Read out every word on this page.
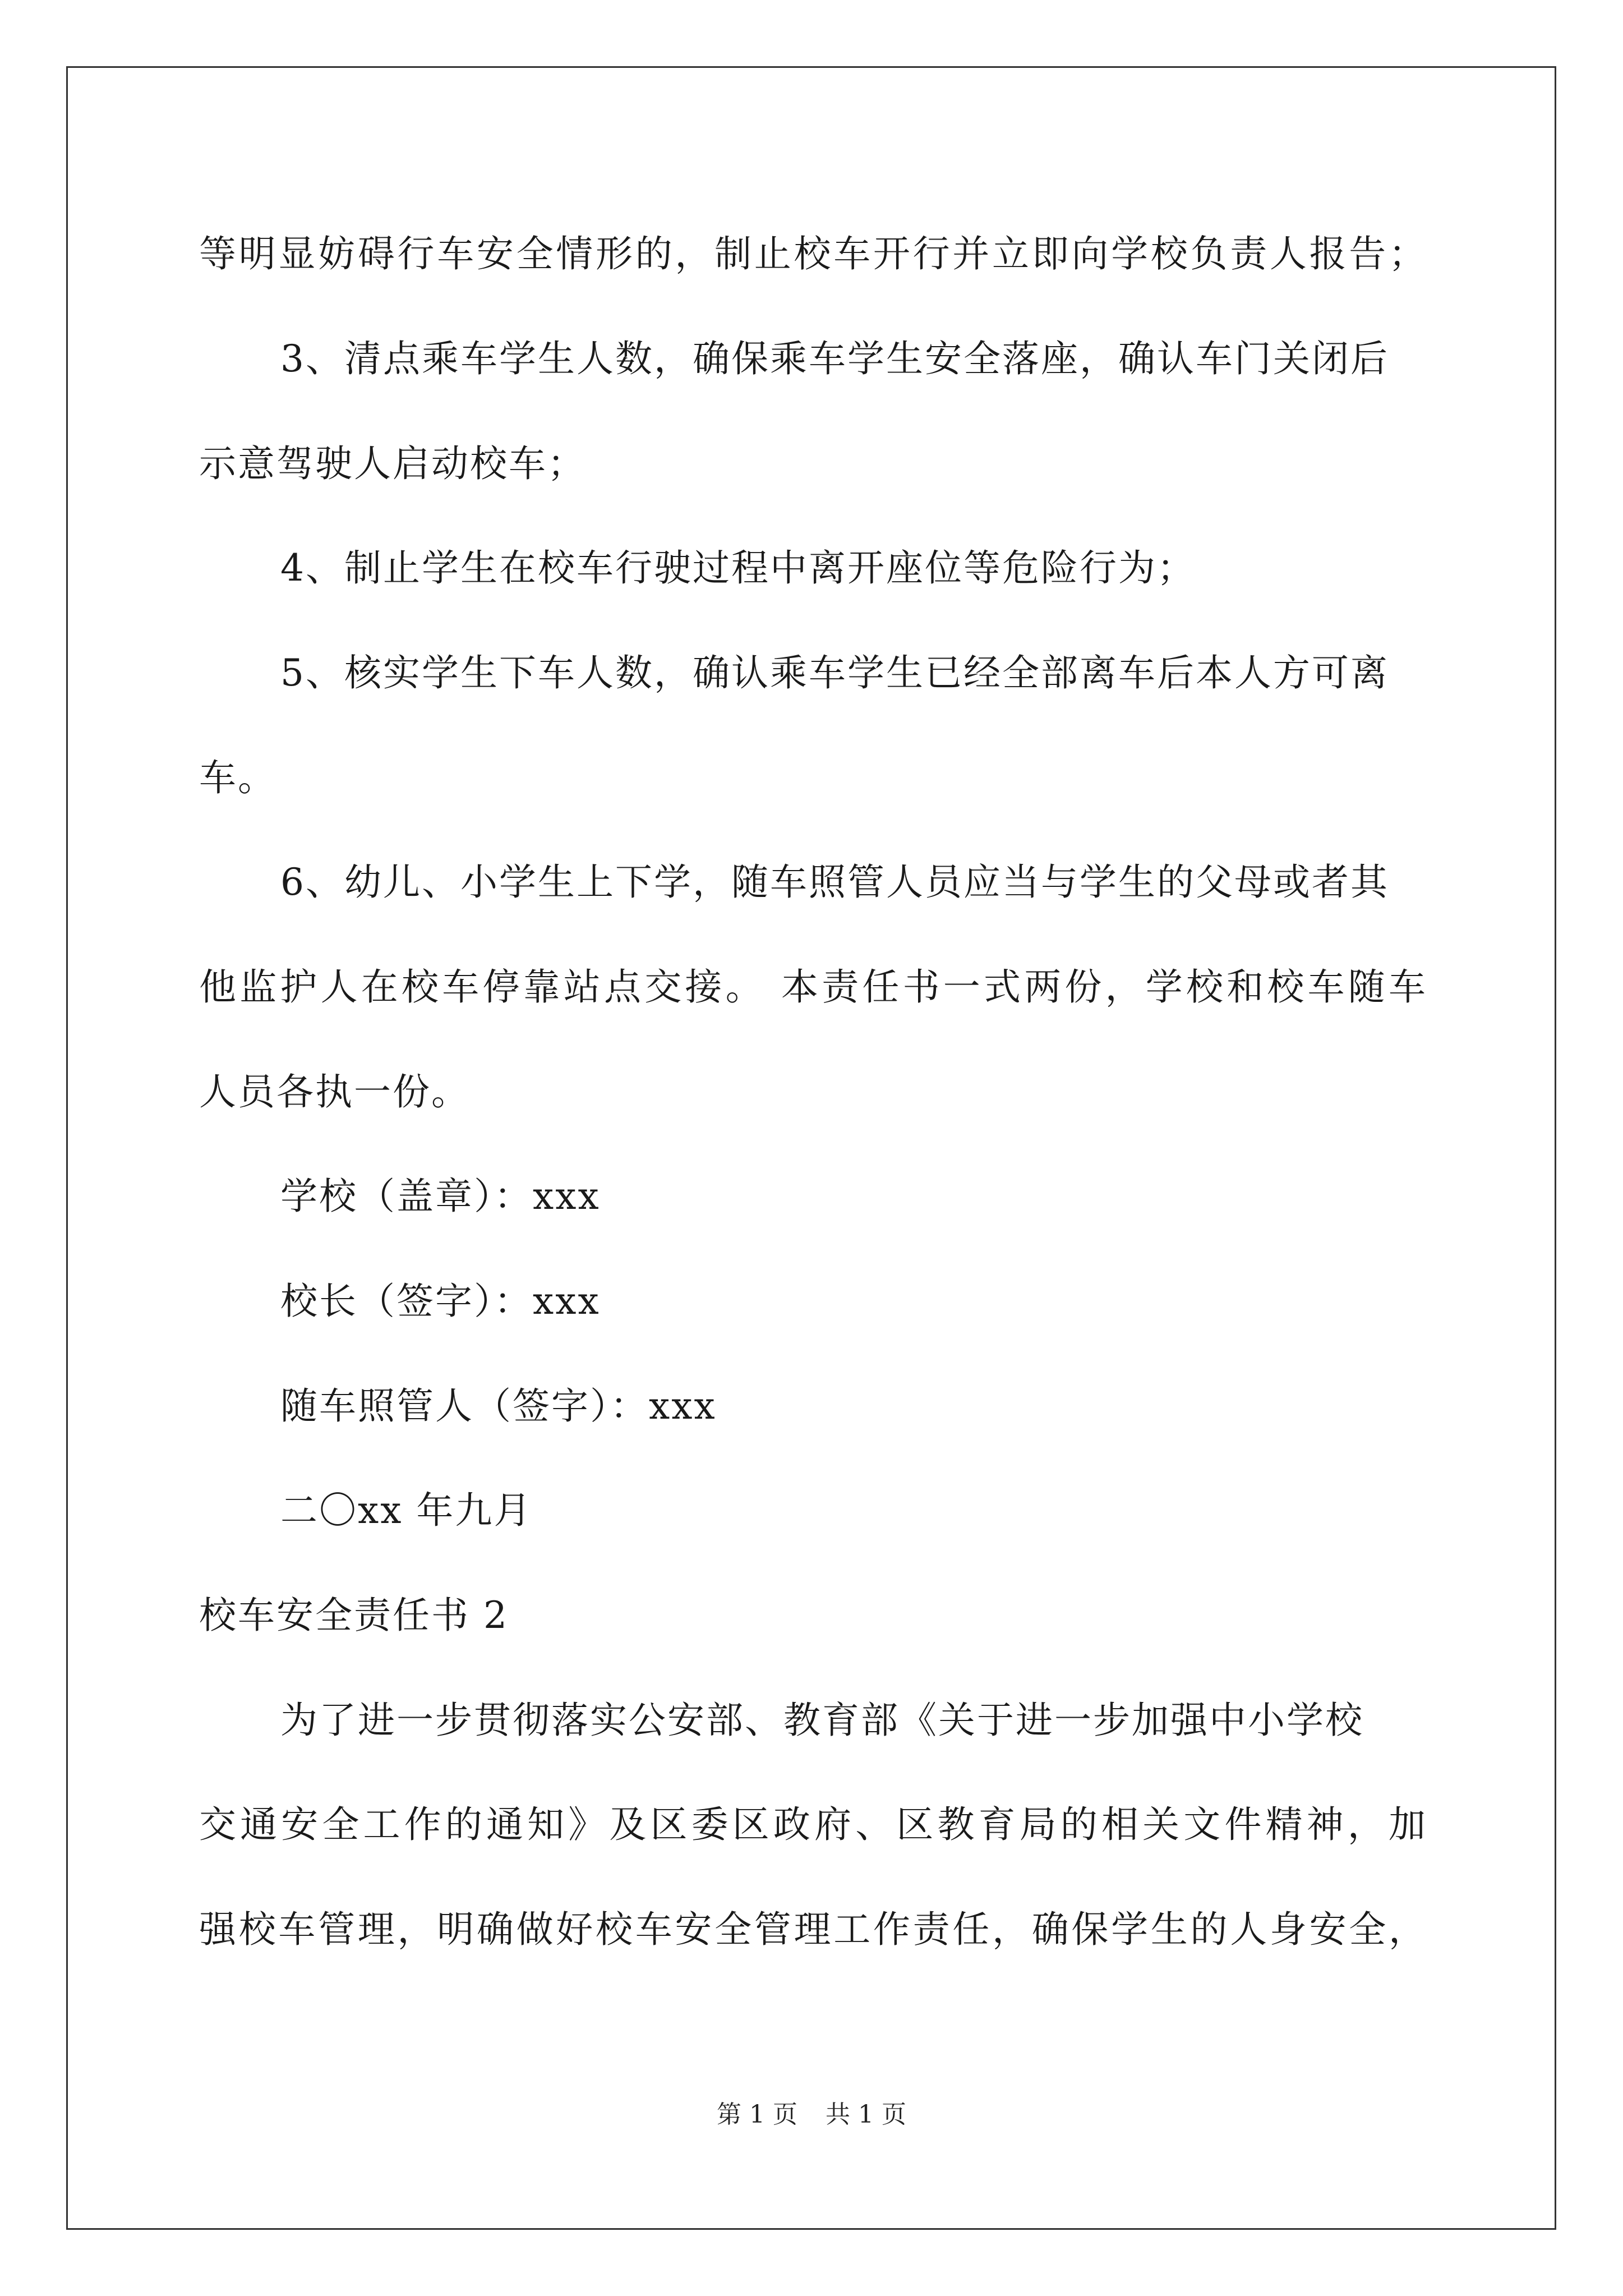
等明显妨碍行车安全情形的，制止校车开行并立即向学校负责人报告；

3、清点乘车学生人数，确保乘车学生安全落座，确认车门关闭后

示意驾驶人启动校车；

4、制止学生在校车行驶过程中离开座位等危险行为；

5、核实学生下车人数，确认乘车学生已经全部离车后本人方可离

车。

6、幼儿、小学生上下学，随车照管人员应当与学生的父母或者其

他监护人在校车停靠站点交接。 本责任书一式两份，学校和校车随车

人员各执一份。

学校（盖章）：xxx

校长（签字）：xxx

随车照管人（签字）：xxx

二〇xx 年九月

校车安全责任书 2

为了进一步贯彻落实公安部、教育部《关于进一步加强中小学校

交通安全工作的通知》及区委区政府、区教育局的相关文件精神，加

强校车管理，明确做好校车安全管理工作责任，确保学生的人身安全，

第 1 页 共 1 页
